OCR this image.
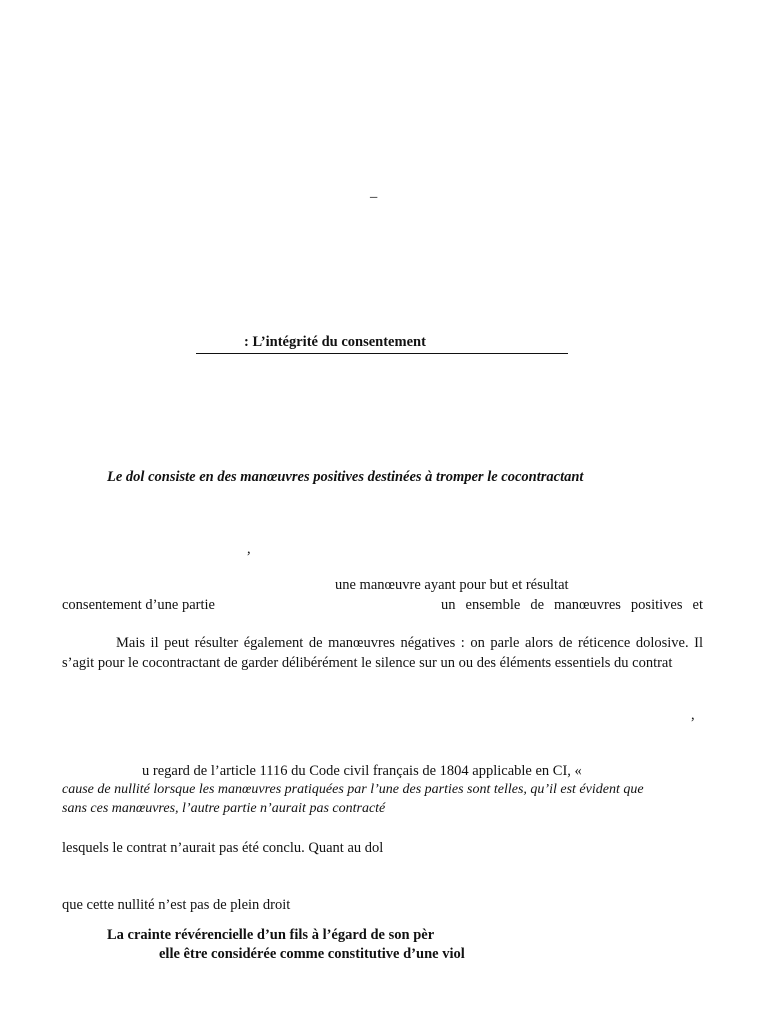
–
: L’intégrité du consentement
Le dol consiste en des manœuvres positives destinées à tromper le cocontractant
,
une manœuvre ayant pour but et résultat
consentement d’une partie	un ensemble de manœuvres positives et
Mais il peut résulter également de manœuvres négatives : on parle alors de réticence dolosive. Il
s’agit pour le cocontractant de garder délibérément le silence sur un ou des éléments essentiels du contrat
,
u regard de l’article 1116 du Code civil français de 1804 applicable en CI, «
cause de nullité lorsque les manœuvres pratiquées par l’une des parties sont telles, qu’il est évident que
sans ces manœuvres, l’autre partie n’aurait pas contracté
lesquels le contrat n’aurait pas été conclu. Quant au dol
que cette nullité n’est pas de plein droit
La crainte révérencielle d’un fils à l’égard de son pèr
elle être considérée comme constitutive d’une viol
